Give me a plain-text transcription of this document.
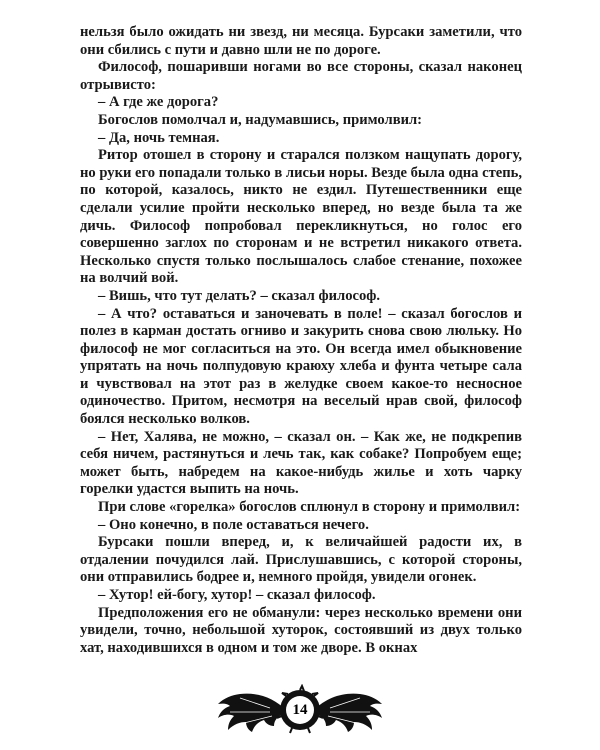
нельзя было ожидать ни звезд, ни месяца. Бурсаки заметили, что они сбились с пути и давно шли не по дороге.

Философ, пошаривши ногами во все стороны, сказал наконец отрывисто:

– А где же дорога?

Богослов помолчал и, надумавшись, примолвил:

– Да, ночь темная.

Ритор отошел в сторону и старался ползком нащупать дорогу, но руки его попадали только в лисьи норы. Везде была одна степь, по которой, казалось, никто не ездил. Путешественники еще сделали усилие пройти несколько вперед, но везде была та же дичь. Философ попробовал перекликнуться, но голос его совершенно заглох по сторонам и не встретил никакого ответа. Несколько спустя только послышалось слабое стенание, похожее на волчий вой.

– Вишь, что тут делать? – сказал философ.

– А что? оставаться и заночевать в поле! – сказал богослов и полез в карман достать огниво и закурить снова свою люльку. Но философ не мог согласиться на это. Он всегда имел обыкновение упрятать на ночь полпудовую краюху хлеба и фунта четыре сала и чувствовал на этот раз в желудке своем какое-то несносное одиночество. Притом, несмотря на веселый нрав свой, философ боялся несколько волков.

– Нет, Халява, не можно, – сказал он. – Как же, не подкрепив себя ничем, растянуться и лечь так, как собаке? Попробуем еще; может быть, набредем на какое-нибудь жилье и хоть чарку горелки удастся выпить на ночь.

При слове «горелка» богослов сплюнул в сторону и примолвил:

– Оно конечно, в поле оставаться нечего.

Бурсаки пошли вперед, и, к величайшей радости их, в отдалении почудился лай. Прислушавшись, с которой стороны, они отправились бодрее и, немного пройдя, увидели огонек.

– Хутор! ей-богу, хутор! – сказал философ.

Предположения его не обманули: через несколько времени они увидели, точно, небольшой хуторок, состоявший из двух только хат, находившихся в одном и том же дворе. В окнах

14
